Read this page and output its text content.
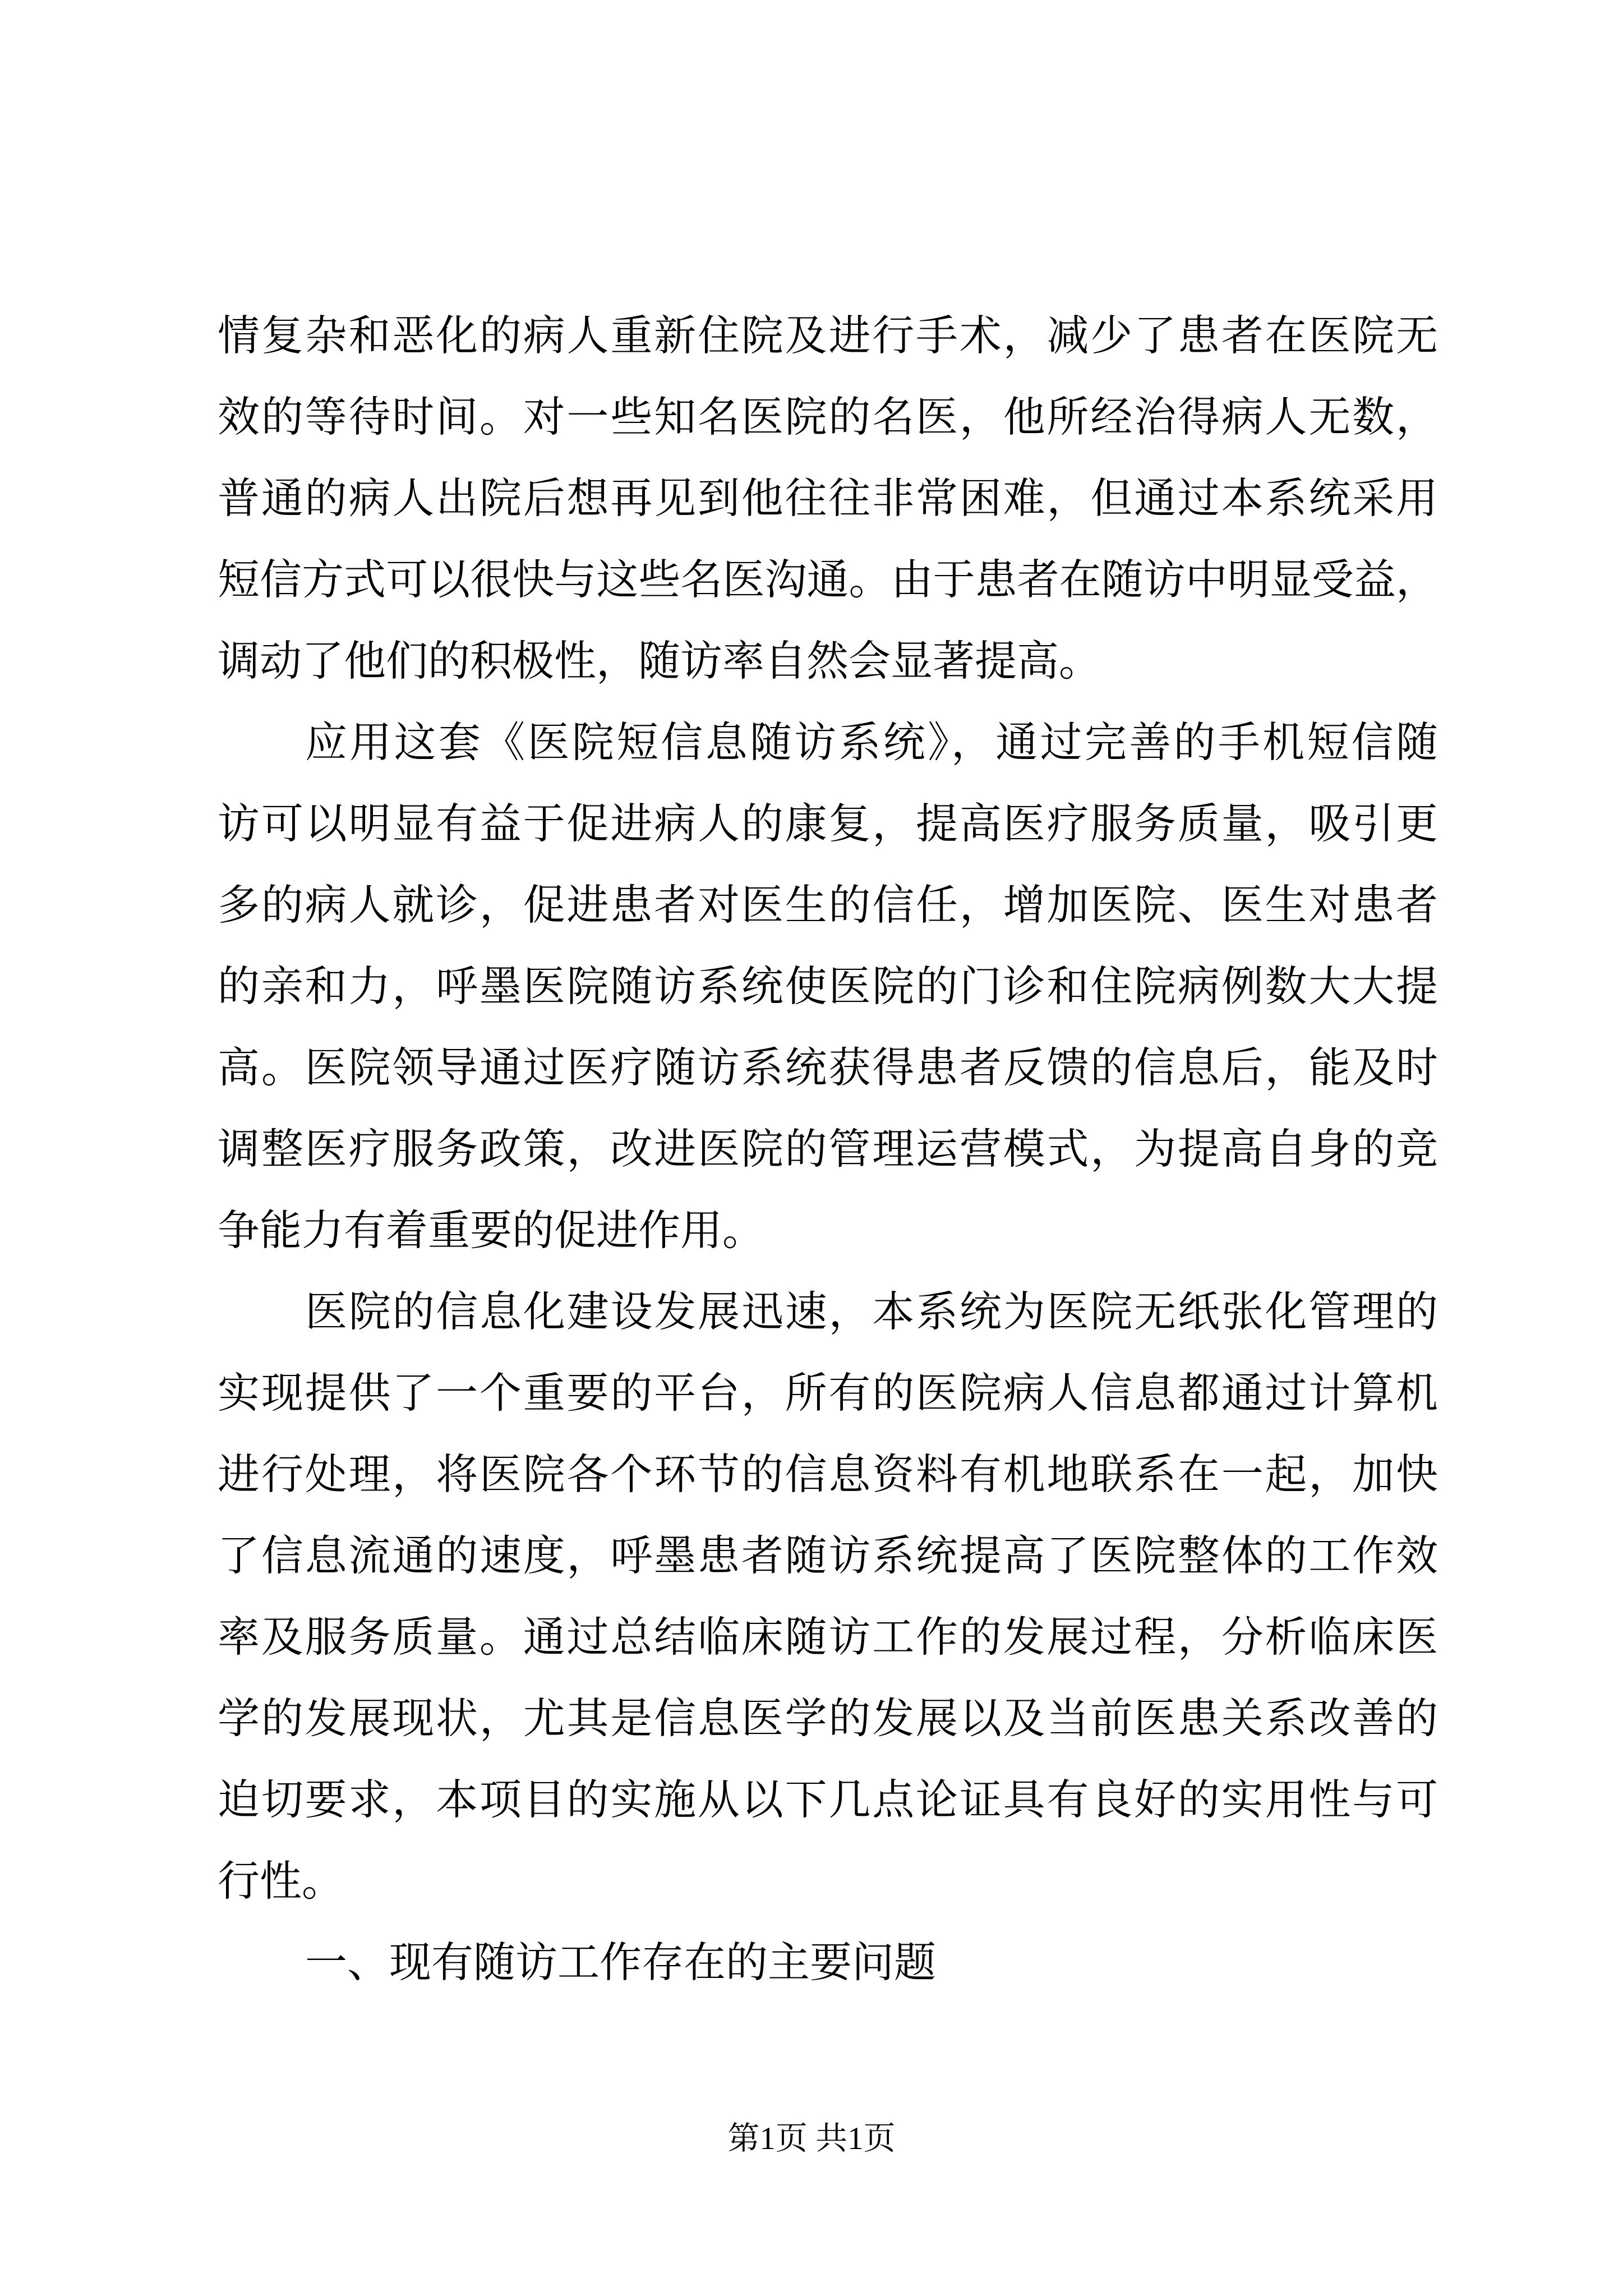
情复杂和恶化的病人重新住院及进行手术，减少了患者在医院无
效的等待时间。对一些知名医院的名医，他所经治得病人无数，
普通的病人出院后想再见到他往往非常困难，但通过本系统采用
短信方式可以很快与这些名医沟通。由于患者在随访中明显受益，
调动了他们的积极性，随访率自然会显著提高。
应用这套《医院短信息随访系统》，通过完善的手机短信随
访可以明显有益于促进病人的康复，提高医疗服务质量，吸引更
多的病人就诊，促进患者对医生的信任，增加医院、医生对患者
的亲和力，呼墨医院随访系统使医院的门诊和住院病例数大大提
高。医院领导通过医疗随访系统获得患者反馈的信息后，能及时
调整医疗服务政策，改进医院的管理运营模式，为提高自身的竞
争能力有着重要的促进作用。
医院的信息化建设发展迅速，本系统为医院无纸张化管理的
实现提供了一个重要的平台，所有的医院病人信息都通过计算机
进行处理，将医院各个环节的信息资料有机地联系在一起，加快
了信息流通的速度，呼墨患者随访系统提高了医院整体的工作效
率及服务质量。通过总结临床随访工作的发展过程，分析临床医
学的发展现状，尤其是信息医学的发展以及当前医患关系改善的
迫切要求，本项目的实施从以下几点论证具有良好的实用性与可
行性。
一、现有随访工作存在的主要问题
第1页 共1页
